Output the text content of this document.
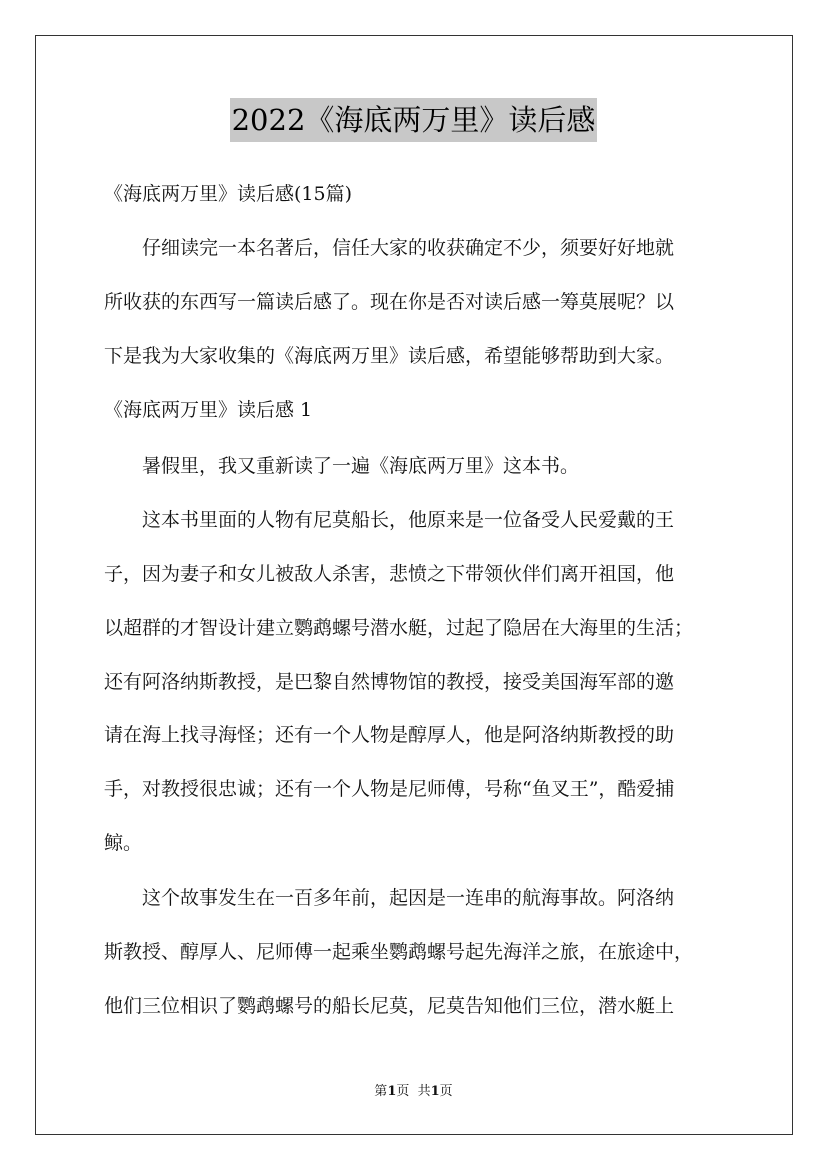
2022《海底两万里》读后感
《海底两万里》读后感(15篇)
仔细读完一本名著后，信任大家的收获确定不少，须要好好地就
所收获的东西写一篇读后感了。现在你是否对读后感一筹莫展呢？以
下是我为大家收集的《海底两万里》读后感，希望能够帮助到大家。
《海底两万里》读后感 1
暑假里，我又重新读了一遍《海底两万里》这本书。
这本书里面的人物有尼莫船长，他原来是一位备受人民爱戴的王
子，因为妻子和女儿被敌人杀害，悲愤之下带领伙伴们离开祖国，他
以超群的才智设计建立鹦鹉螺号潜水艇，过起了隐居在大海里的生活；
还有阿洛纳斯教授，是巴黎自然博物馆的教授，接受美国海军部的邀
请在海上找寻海怪；还有一个人物是醇厚人，他是阿洛纳斯教授的助
手，对教授很忠诚；还有一个人物是尼师傅，号称“鱼叉王”，酷爱捕
鲸。
这个故事发生在一百多年前，起因是一连串的航海事故。阿洛纳
斯教授、醇厚人、尼师傅一起乘坐鹦鹉螺号起先海洋之旅，在旅途中，
他们三位相识了鹦鹉螺号的船长尼莫，尼莫告知他们三位，潜水艇上
第1页  共1页
